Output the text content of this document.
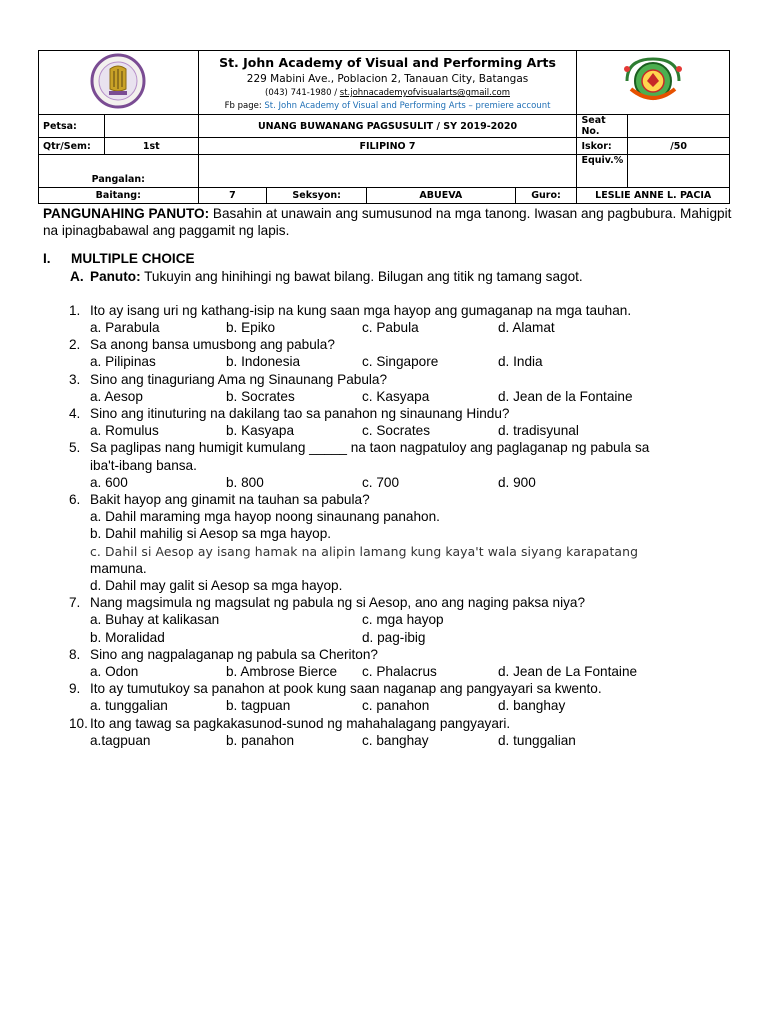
St. John Academy of Visual and Performing Arts
229 Mabini Ave., Poblacion 2, Tanauan City, Batangas
(043) 741-1980 / st.johnacademyofvisualarts@gmail.com
Fb page: St. John Academy of Visual and Performing Arts – premiere account

Petsa:		UNANG BUWANANG PAGSUSULIT / SY 2019-2020				Seat No.	
Qtr/Sem:	1st	FILIPINO 7				Iskor:	/50
Pangalan:						Equiv.%	
Baitang:		7	Seksyon:	ABUEVA	Guro:	LESLIE ANNE L. PACIA	

PANGUNAHING PANUTO: Basahin at unawain ang sumusunod na mga tanong. Iwasan ang pagbubura. Mahigpit na ipinagbabawal ang paggamit ng lapis.

I. MULTIPLE CHOICE
A. Panuto: Tukuyin ang hinihingi ng bawat bilang. Bilugan ang titik ng tamang sagot.
1. Ito ay isang uri ng kathang-isip na kung saan mga hayop ang gumaganap na mga tauhan.
a. Parabula	b. Epiko	c. Pabula	d. Alamat
2. Sa anong bansa umusbong ang pabula?
a. Pilipinas	b. Indonesia	c. Singapore	d. India
3. Sino ang tinaguriang Ama ng Sinaunang Pabula?
a. Aesop	b. Socrates	c. Kasyapa	d. Jean de la Fontaine
4. Sino ang itinuturing na dakilang tao sa panahon ng sinaunang Hindu?
a. Romulus	b. Kasyapa	c. Socrates	d. tradisyunal
5. Sa paglipas nang humigit kumulang _____ na taon nagpatuloy ang paglaganap ng pabula sa
iba't-ibang bansa.
a. 600	b. 800	c. 700	d. 900
6. Bakit hayop ang ginamit na tauhan sa pabula?
a. Dahil maraming mga hayop noong sinaunang panahon.
b. Dahil mahilig si Aesop sa mga hayop.
c. Dahil si Aesop ay isang hamak na alipin lamang kung kaya't wala siyang karapatang
mamuna.
d. Dahil may galit si Aesop sa mga hayop.
7. Nang magsimula ng magsulat ng pabula ng si Aesop, ano ang naging paksa niya?
a. Buhay at kalikasan	c. mga hayop
b. Moralidad	d. pag-ibig
8. Sino ang nagpalaganap ng pabula sa Cheriton?
a. Odon	b. Ambrose Bierce c. Phalacrus	d. Jean de La Fontaine
9. Ito ay tumutukoy sa panahon at pook kung saan naganap ang pangyayari sa kwento.
a. tunggalian	b. tagpuan	c. panahon	d. banghay
10. Ito ang tawag sa pagkakasunod-sunod ng mahahalagang pangyayari.
a.tagpuan	b. panahon	c. banghay	d. tunggalian
